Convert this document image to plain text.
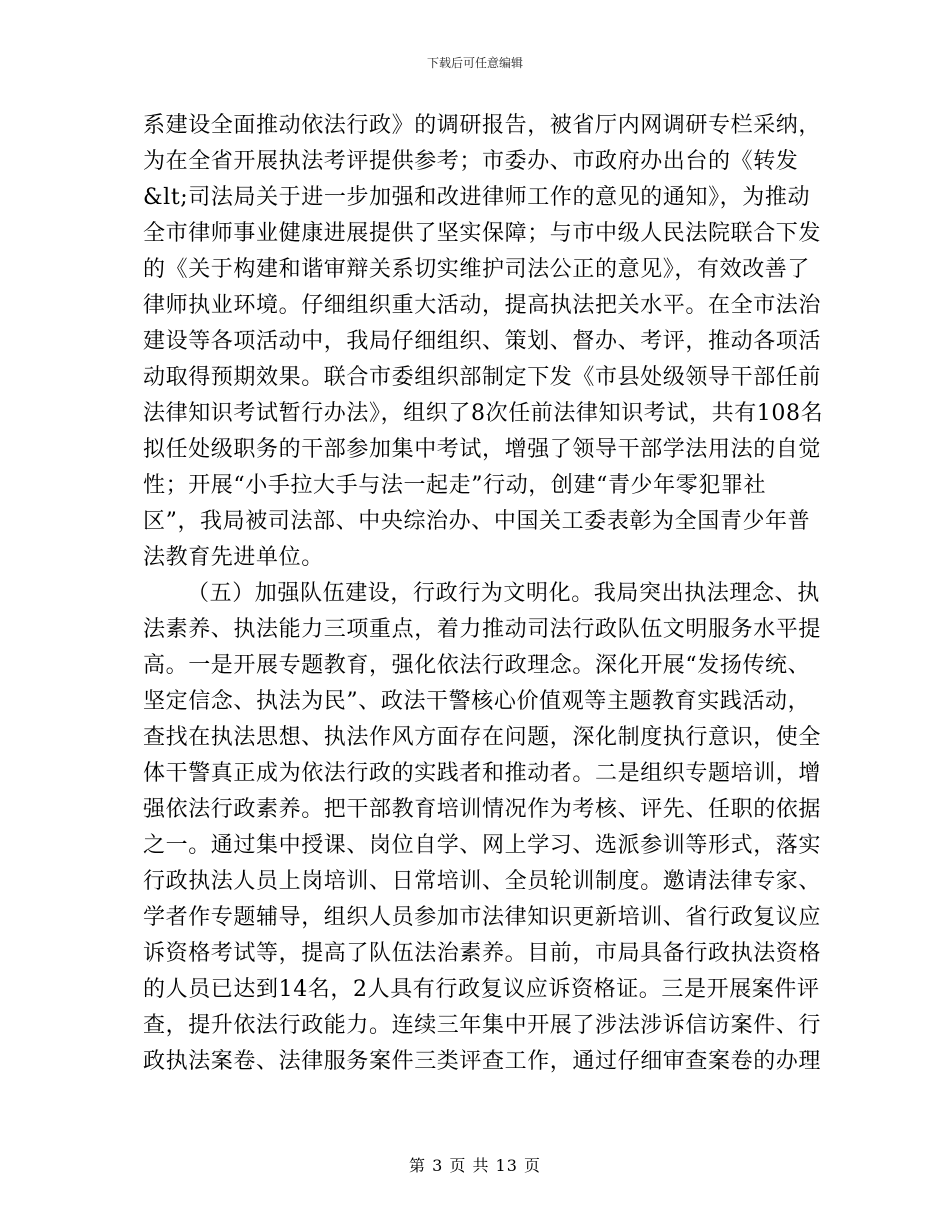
下载后可任意编辑
系建设全面推动依法行政》的调研报告，被省厅内网调研专栏采纳，
为在全省开展执法考评提供参考；市委办、市政府办出台的《转发
&lt;司法局关于进一步加强和改进律师工作的意见的通知》，为推动
全市律师事业健康进展提供了坚实保障；与市中级人民法院联合下发
的《关于构建和谐审辩关系切实维护司法公正的意见》，有效改善了
律师执业环境。仔细组织重大活动，提高执法把关水平。在全市法治
建设等各项活动中，我局仔细组织、策划、督办、考评，推动各项活
动取得预期效果。联合市委组织部制定下发《市县处级领导干部任前
法律知识考试暂行办法》，组织了8次任前法律知识考试，共有108名
拟任处级职务的干部参加集中考试，增强了领导干部学法用法的自觉
性；开展“小手拉大手与法一起走”行动，创建“青少年零犯罪社
区”，我局被司法部、中央综治办、中国关工委表彰为全国青少年普
法教育先进单位。
（五）加强队伍建设，行政行为文明化。我局突出执法理念、执
法素养、执法能力三项重点，着力推动司法行政队伍文明服务水平提
高。一是开展专题教育，强化依法行政理念。深化开展“发扬传统、
坚定信念、执法为民”、政法干警核心价值观等主题教育实践活动，
查找在执法思想、执法作风方面存在问题，深化制度执行意识，使全
体干警真正成为依法行政的实践者和推动者。二是组织专题培训，增
强依法行政素养。把干部教育培训情况作为考核、评先、任职的依据
之一。通过集中授课、岗位自学、网上学习、选派参训等形式，落实
行政执法人员上岗培训、日常培训、全员轮训制度。邀请法律专家、
学者作专题辅导，组织人员参加市法律知识更新培训、省行政复议应
诉资格考试等，提高了队伍法治素养。目前，市局具备行政执法资格
的人员已达到14名，2人具有行政复议应诉资格证。三是开展案件评
查，提升依法行政能力。连续三年集中开展了涉法涉诉信访案件、行
政执法案卷、法律服务案件三类评查工作，通过仔细审查案卷的办理
第 3 页 共 13 页
